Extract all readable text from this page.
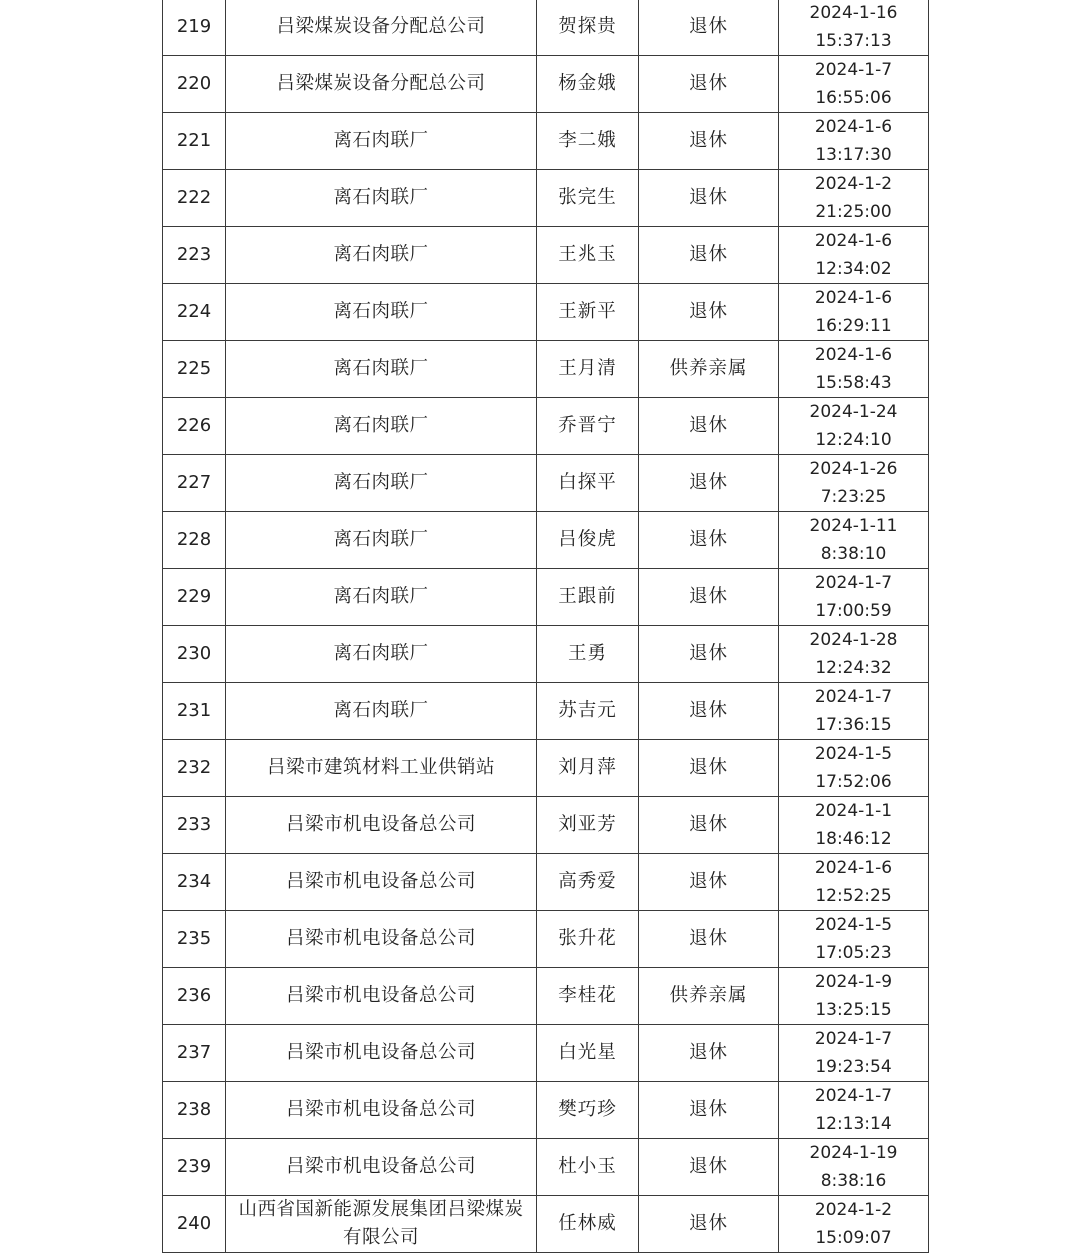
219	吕梁煤炭设备分配总公司	贺探贵	退休	2024-1-16
15:37:13

220	吕梁煤炭设备分配总公司	杨金娥	退休	2024-1-7
16:55:06

221	离石肉联厂	李二娥	退休	2024-1-6
13:17:30

222	离石肉联厂	张完生	退休	2024-1-2
21:25:00

223	离石肉联厂	王兆玉	退休	2024-1-6
12:34:02

224	离石肉联厂	王新平	退休	2024-1-6
16:29:11

225	离石肉联厂	王月清	供养亲属	2024-1-6
15:58:43

226	离石肉联厂	乔晋宁	退休	2024-1-24
12:24:10

227	离石肉联厂	白探平	退休	2024-1-26
7:23:25

228	离石肉联厂	吕俊虎	退休	2024-1-11
8:38:10

229	离石肉联厂	王跟前	退休	2024-1-7
17:00:59

230	离石肉联厂	王勇	退休	2024-1-28
12:24:32

231	离石肉联厂	苏吉元	退休	2024-1-7
17:36:15

232	吕梁市建筑材料工业供销站	刘月萍	退休	2024-1-5
17:52:06

233	吕梁市机电设备总公司	刘亚芳	退休	2024-1-1
18:46:12

234	吕梁市机电设备总公司	高秀爱	退休	2024-1-6
12:52:25

235	吕梁市机电设备总公司	张升花	退休	2024-1-5
17:05:23

236	吕梁市机电设备总公司	李桂花	供养亲属	2024-1-9
13:25:15

237	吕梁市机电设备总公司	白光星	退休	2024-1-7
19:23:54

238	吕梁市机电设备总公司	樊巧珍	退休	2024-1-7
12:13:14

239	吕梁市机电设备总公司	杜小玉	退休	2024-1-19
8:38:16

240	山西省国新能源发展集团吕梁煤炭
有限公司	任林威	退休	2024-1-2
15:09:07
